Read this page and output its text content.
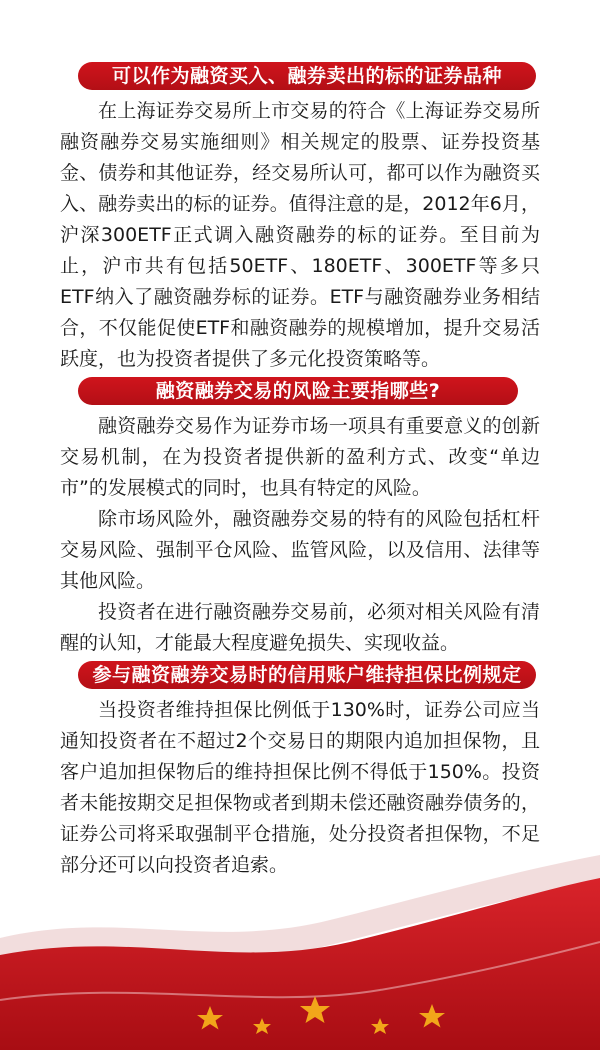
可以作为融资买入、融券卖出的标的证券品种

在上海证券交易所上市交易的符合《上海证券交易所融资融券交易实施细则》相关规定的股票、证券投资基金、债券和其他证券，经交易所认可，都可以作为融资买入、融券卖出的标的证券。值得注意的是，2012年6月，沪深300ETF正式调入融资融券的标的证券。至目前为止，沪市共有包括50ETF、180ETF、300ETF等多只ETF纳入了融资融券标的证券。ETF与融资融券业务相结合，不仅能促使ETF和融资融券的规模增加，提升交易活跃度，也为投资者提供了多元化投资策略等。

融资融券交易的风险主要指哪些?

融资融券交易作为证券市场一项具有重要意义的创新交易机制，在为投资者提供新的盈利方式、改变“单边市”的发展模式的同时，也具有特定的风险。

除市场风险外，融资融券交易的特有的风险包括杠杆交易风险、强制平仓风险、监管风险，以及信用、法律等其他风险。

投资者在进行融资融券交易前，必须对相关风险有清醒的认知，才能最大程度避免损失、实现收益。

参与融资融券交易时的信用账户维持担保比例规定

当投资者维持担保比例低于130%时，证券公司应当通知投资者在不超过2个交易日的期限内追加担保物，且客户追加担保物后的维持担保比例不得低于150%。投资者未能按期交足担保物或者到期未偿还融资融券债务的，证券公司将采取强制平仓措施，处分投资者担保物，不足部分还可以向投资者追索。
